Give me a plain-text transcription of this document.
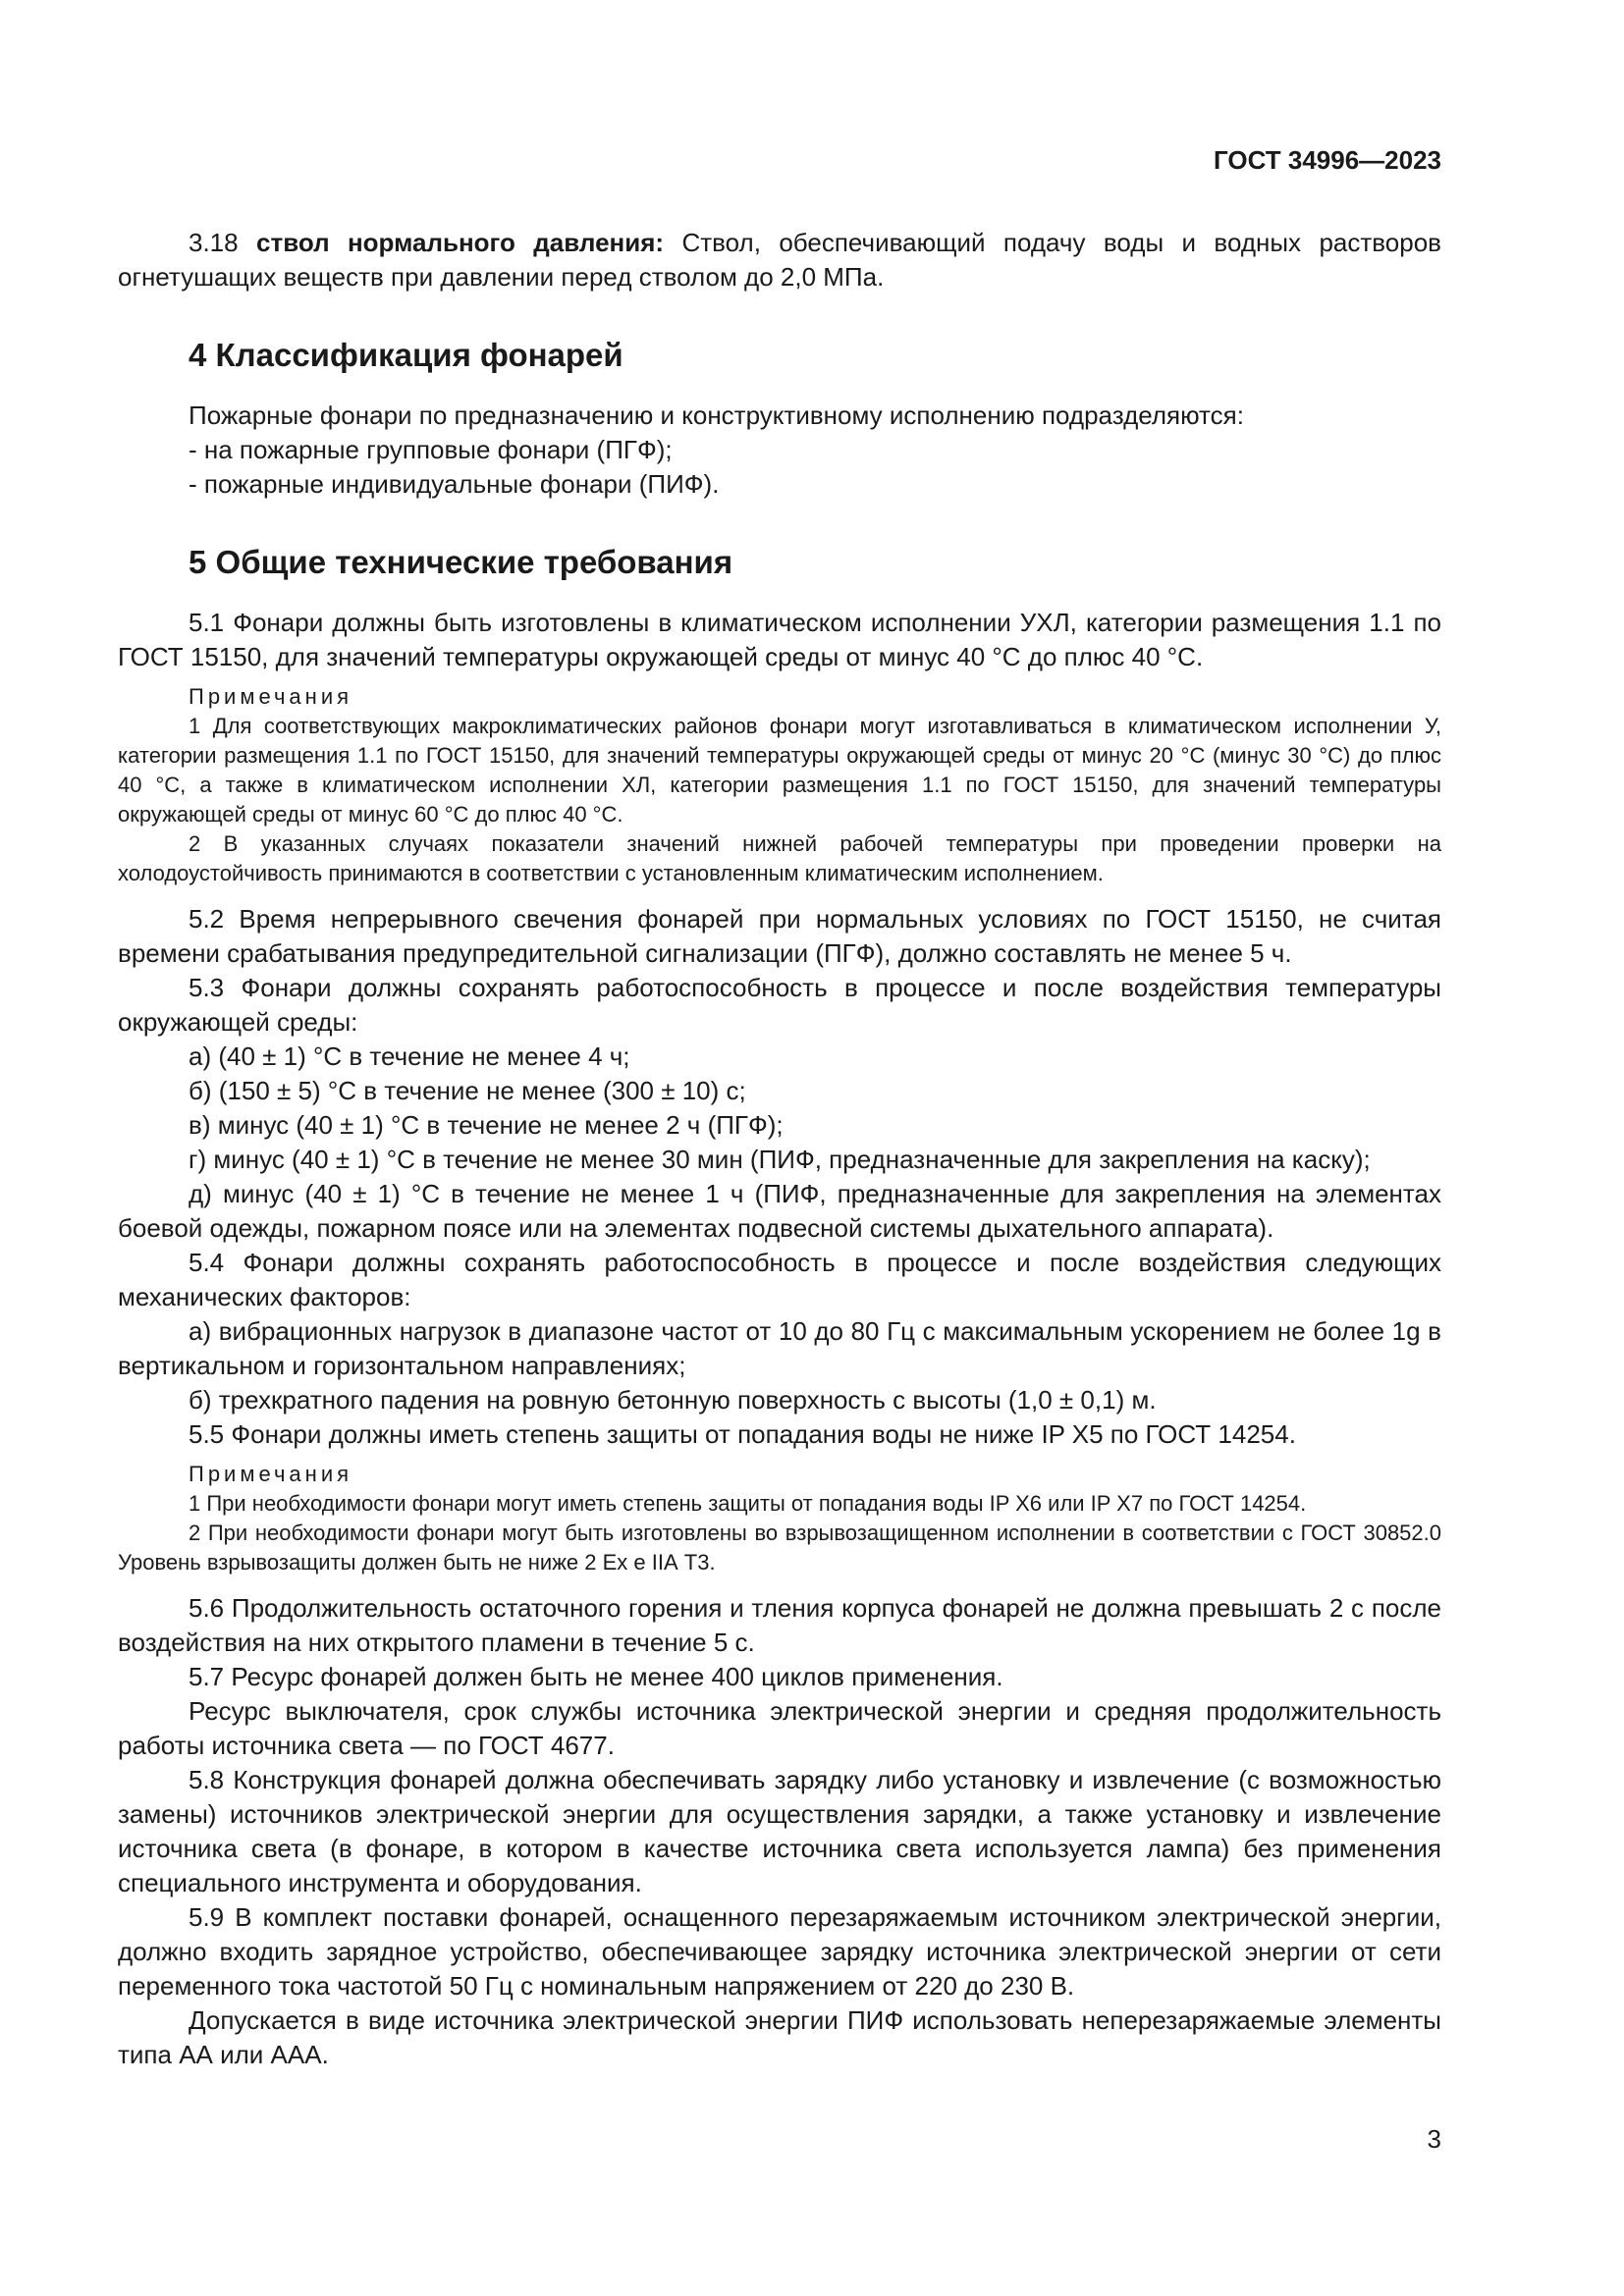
ГОСТ 34996—2023

3.18 ствол нормального давления: Ствол, обеспечивающий подачу воды и водных растворов огнетушащих веществ при давлении перед стволом до 2,0 МПа.

4 Классификация фонарей

Пожарные фонари по предназначению и конструктивному исполнению подразделяются:

- на пожарные групповые фонари (ПГФ);

- пожарные индивидуальные фонари (ПИФ).

5 Общие технические требования

5.1 Фонари должны быть изготовлены в климатическом исполнении УХЛ, категории размещения 1.1 по ГОСТ 15150, для значений температуры окружающей среды от минус 40 °С до плюс 40 °С.

Примечания

1 Для соответствующих макроклиматических районов фонари могут изготавливаться в климатическом исполнении У, категории размещения 1.1 по ГОСТ 15150, для значений температуры окружающей среды от минус 20 °С (минус 30 °С) до плюс 40 °С, а также в климатическом исполнении ХЛ, категории размещения 1.1 по ГОСТ 15150, для значений температуры окружающей среды от минус 60 °С до плюс 40 °С.

2 В указанных случаях показатели значений нижней рабочей температуры при проведении проверки на холодоустойчивость принимаются в соответствии с установленным климатическим исполнением.

5.2 Время непрерывного свечения фонарей при нормальных условиях по ГОСТ 15150, не считая времени срабатывания предупредительной сигнализации (ПГФ), должно составлять не менее 5 ч.

5.3 Фонари должны сохранять работоспособность в процессе и после воздействия температуры окружающей среды:

а) (40 ± 1) °С в течение не менее 4 ч;

б) (150 ± 5) °С в течение не менее (300 ± 10) с;

в) минус (40 ± 1) °С в течение не менее 2 ч (ПГФ);

г) минус (40 ± 1) °С в течение не менее 30 мин (ПИФ, предназначенные для закрепления на каску);

д) минус (40 ± 1) °С в течение не менее 1 ч (ПИФ, предназначенные для закрепления на элементах боевой одежды, пожарном поясе или на элементах подвесной системы дыхательного аппарата).

5.4 Фонари должны сохранять работоспособность в процессе и после воздействия следующих механических факторов:

а) вибрационных нагрузок в диапазоне частот от 10 до 80 Гц с максимальным ускорением не более 1g в вертикальном и горизонтальном направлениях;

б) трехкратного падения на ровную бетонную поверхность с высоты (1,0 ± 0,1) м.

5.5 Фонари должны иметь степень защиты от попадания воды не ниже IP Х5 по ГОСТ 14254.

Примечания

1 При необходимости фонари могут иметь степень защиты от попадания воды IP Х6 или IP Х7 по ГОСТ 14254.

2 При необходимости фонари могут быть изготовлены во взрывозащищенном исполнении в соответствии с ГОСТ 30852.0 Уровень взрывозащиты должен быть не ниже 2 Ех е IIА Т3.

5.6 Продолжительность остаточного горения и тления корпуса фонарей не должна превышать 2 с после воздействия на них открытого пламени в течение 5 с.

5.7 Ресурс фонарей должен быть не менее 400 циклов применения.

Ресурс выключателя, срок службы источника электрической энергии и средняя продолжительность работы источника света — по ГОСТ 4677.

5.8 Конструкция фонарей должна обеспечивать зарядку либо установку и извлечение (с возможностью замены) источников электрической энергии для осуществления зарядки, а также установку и извлечение источника света (в фонаре, в котором в качестве источника света используется лампа) без применения специального инструмента и оборудования.

5.9 В комплект поставки фонарей, оснащенного перезаряжаемым источником электрической энергии, должно входить зарядное устройство, обеспечивающее зарядку источника электрической энергии от сети переменного тока частотой 50 Гц с номинальным напряжением от 220 до 230 В.

Допускается в виде источника электрической энергии ПИФ использовать неперезаряжаемые элементы типа АА или ААА.

3
